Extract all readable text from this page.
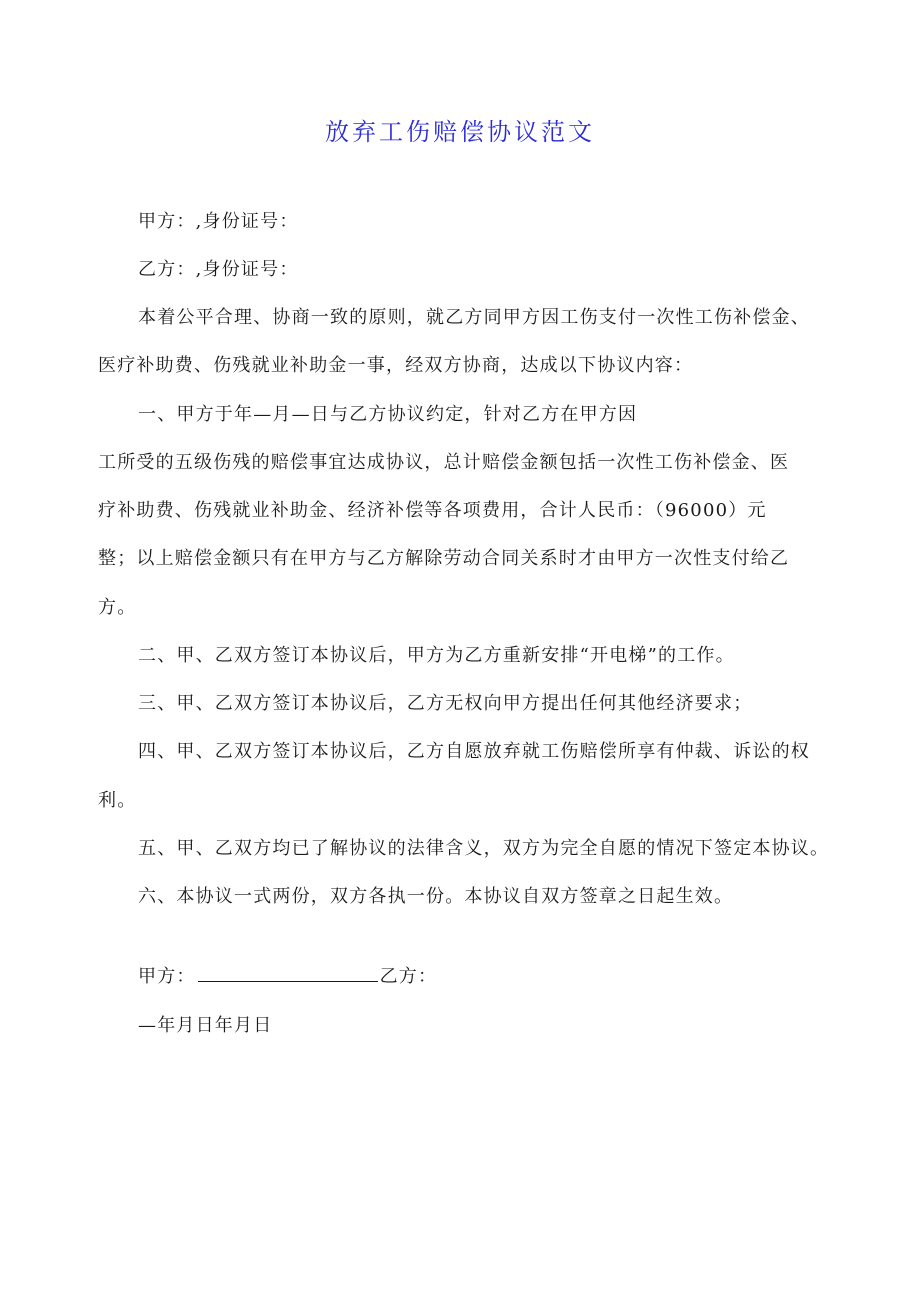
放弃工伤赔偿协议范文
甲方：,身份证号：
乙方：,身份证号：
本着公平合理、协商一致的原则，就乙方同甲方因工伤支付一次性工伤补偿金、
医疗补助费、伤残就业补助金一事，经双方协商，达成以下协议内容：
一、甲方于年—月—日与乙方协议约定，针对乙方在甲方因
工所受的五级伤残的赔偿事宜达成协议，总计赔偿金额包括一次性工伤补偿金、医
疗补助费、伤残就业补助金、经济补偿等各项费用，合计人民币：（96000）元
整；以上赔偿金额只有在甲方与乙方解除劳动合同关系时才由甲方一次性支付给乙
方。
二、甲、乙双方签订本协议后，甲方为乙方重新安排“开电梯”的工作。
三、甲、乙双方签订本协议后，乙方无权向甲方提出任何其他经济要求；
四、甲、乙双方签订本协议后，乙方自愿放弃就工伤赔偿所享有仲裁、诉讼的权
利。
五、甲、乙双方均已了解协议的法律含义，双方为完全自愿的情况下签定本协议。
六、本协议一式两份，双方各执一份。本协议自双方签章之日起生效。
甲方：	乙方：
—年月日年月日
